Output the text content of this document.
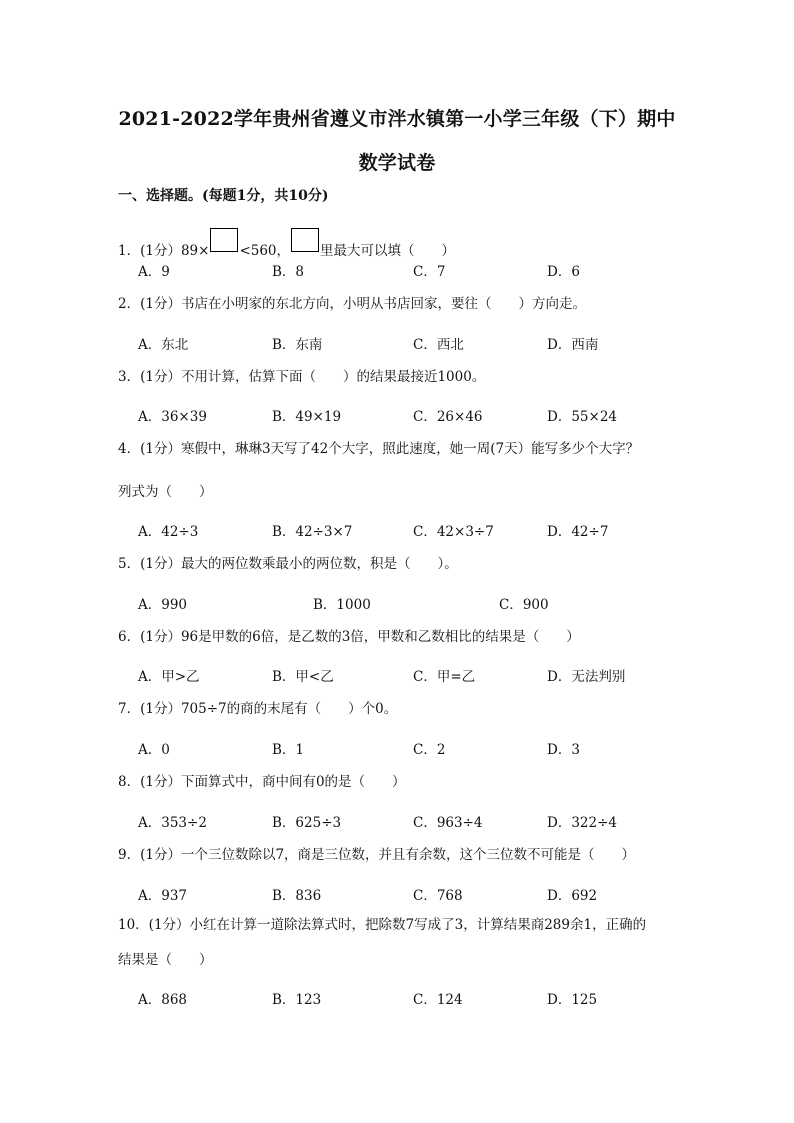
2021-2022学年贵州省遵义市泮水镇第一小学三年级（下）期中
数学试卷
一、选择题。(每题1分，共10分)
1．(1分）89× <560， 里最大可以填（　　）
A．9	B．8	C．7	D．6
2．(1分）书店在小明家的东北方向，小明从书店回家，要往（　　）方向走。
A．东北	B．东南	C．西北	D．西南
3．(1分）不用计算，估算下面（　　）的结果最接近1000。
A．36×39	B．49×19	C．26×46	D．55×24
4．(1分）寒假中，琳琳3天写了42个大字，照此速度，她一周(7天）能写多少个大字？
列式为（　　）
A．42÷3	B．42÷3×7	C．42×3÷7	D．42÷7
5．(1分）最大的两位数乘最小的两位数，积是（　　）。
A．990	B．1000	C．900
6．(1分）96是甲数的6倍，是乙数的3倍，甲数和乙数相比的结果是（　　）
A．甲>乙	B．甲<乙	C．甲=乙	D．无法判别
7．(1分）705÷7的商的末尾有（　　）个0。
A．0	B．1	C．2	D．3
8．(1分）下面算式中，商中间有0的是（　　）
A．353÷2	B．625÷3	C．963÷4	D．322÷4
9．(1分）一个三位数除以7，商是三位数，并且有余数，这个三位数不可能是（　　）
A．937	B．836	C．768	D．692
10．(1分）小红在计算一道除法算式时，把除数7写成了3，计算结果商289余1，正确的
结果是（　　）
A．868	B．123	C．124	D．125
